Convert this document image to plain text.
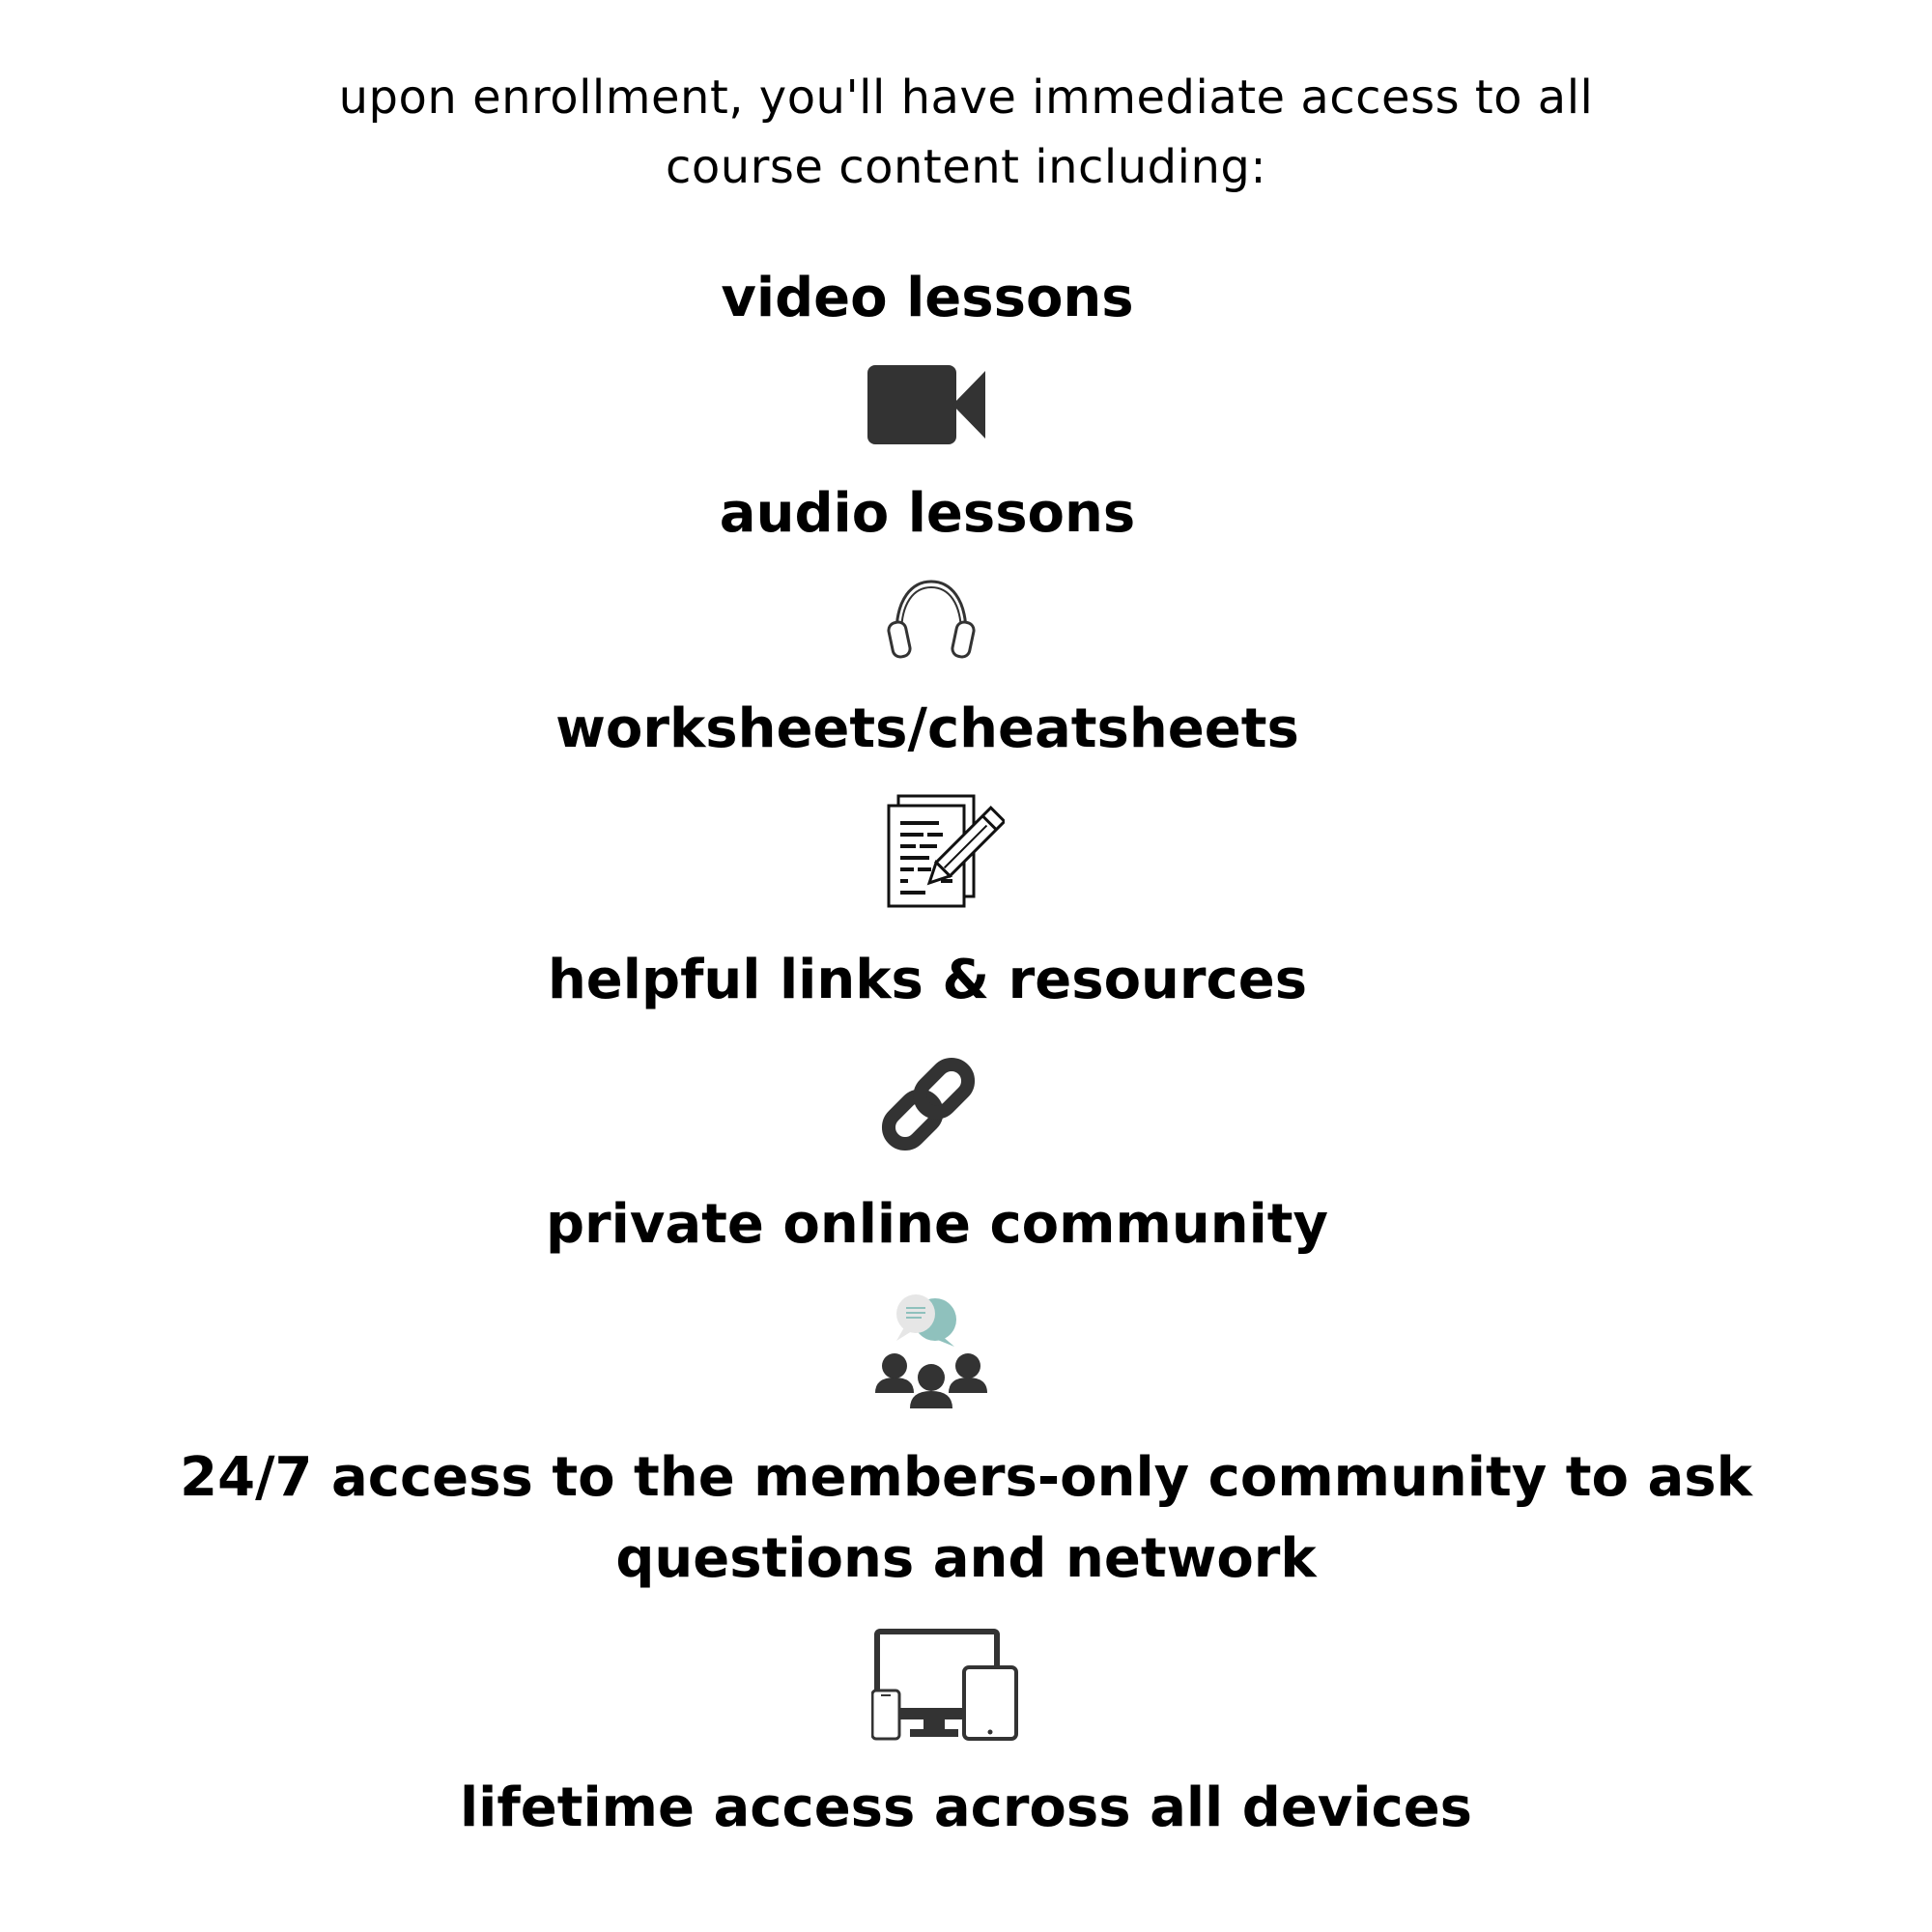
upon enrollment, you'll have immediate access to all
course content including:
video lessons
audio lessons
worksheets/cheatsheets
helpful links & resources
private online community
24/7 access to the members-only community to ask
questions and network
lifetime access across all devices
